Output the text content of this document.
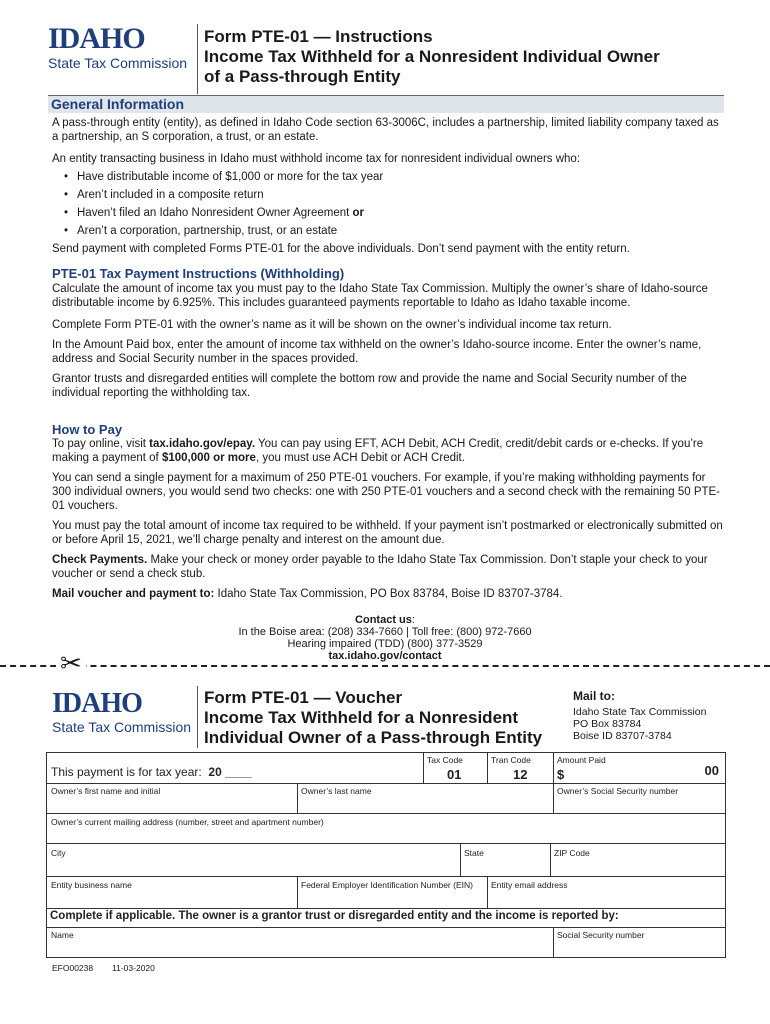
IDAHO
State Tax Commission
Form PTE-01 — Instructions
Income Tax Withheld for a Nonresident Individual Owner
of a Pass-through Entity
General Information

A pass-through entity (entity), as defined in Idaho Code section 63-3006C, includes a partnership, limited liability company taxed as a partnership, an S corporation, a trust, or an estate.

An entity transacting business in Idaho must withhold income tax for nonresident individual owners who:

• Have distributable income of $1,000 or more for the tax year
• Aren’t included in a composite return
• Haven’t filed an Idaho Nonresident Owner Agreement or
• Aren’t a corporation, partnership, trust, or an estate

Send payment with completed Forms PTE-01 for the above individuals. Don’t send payment with the entity return.

PTE-01 Tax Payment Instructions (Withholding)

Calculate the amount of income tax you must pay to the Idaho State Tax Commission. Multiply the owner’s share of Idaho-source distributable income by 6.925%. This includes guaranteed payments reportable to Idaho as Idaho taxable income.

Complete Form PTE-01 with the owner’s name as it will be shown on the owner’s individual income tax return.

In the Amount Paid box, enter the amount of income tax withheld on the owner’s Idaho-source income. Enter the owner’s name, address and Social Security number in the spaces provided.

Grantor trusts and disregarded entities will complete the bottom row and provide the name and Social Security number of the individual reporting the withholding tax.

How to Pay

To pay online, visit tax.idaho.gov/epay. You can pay using EFT, ACH Debit, ACH Credit, credit/debit cards or e-checks. If you’re making a payment of $100,000 or more, you must use ACH Debit or ACH Credit.

You can send a single payment for a maximum of 250 PTE-01 vouchers. For example, if you’re making withholding payments for 300 individual owners, you would send two checks: one with 250 PTE-01 vouchers and a second check with the remaining 50 PTE-01 vouchers.

You must pay the total amount of income tax required to be withheld. If your payment isn’t postmarked or electronically submitted on or before April 15, 2021, we’ll charge penalty and interest on the amount due.

Check Payments. Make your check or money order payable to the Idaho State Tax Commission. Don’t staple your check to your voucher or send a check stub.

Mail voucher and payment to: Idaho State Tax Commission, PO Box 83784, Boise ID 83707-3784.

Contact us:
In the Boise area: (208) 334-7660 | Toll free: (800) 972-7660
Hearing impaired (TDD) (800) 377-3529
tax.idaho.gov/contact
✂
IDAHO
State Tax Commission
Form PTE-01 — Voucher
Income Tax Withheld for a Nonresident
Individual Owner of a Pass-through Entity
Mail to:
Idaho State Tax Commission
PO Box 83784
Boise ID 83707-3784
This payment is for tax year: 20 ____
Tax Code
01
Tran Code
12
Amount Paid
$	00
Owner’s first name and initial	Owner’s last name	Owner’s Social Security number
Owner’s current mailing address (number, street and apartment number)
City	State	ZIP Code
Entity business name	Federal Employer Identification Number (EIN)	Entity email address
Complete if applicable. The owner is a grantor trust or disregarded entity and the income is reported by:
Name	Social Security number
EFO00238 11-03-2020
